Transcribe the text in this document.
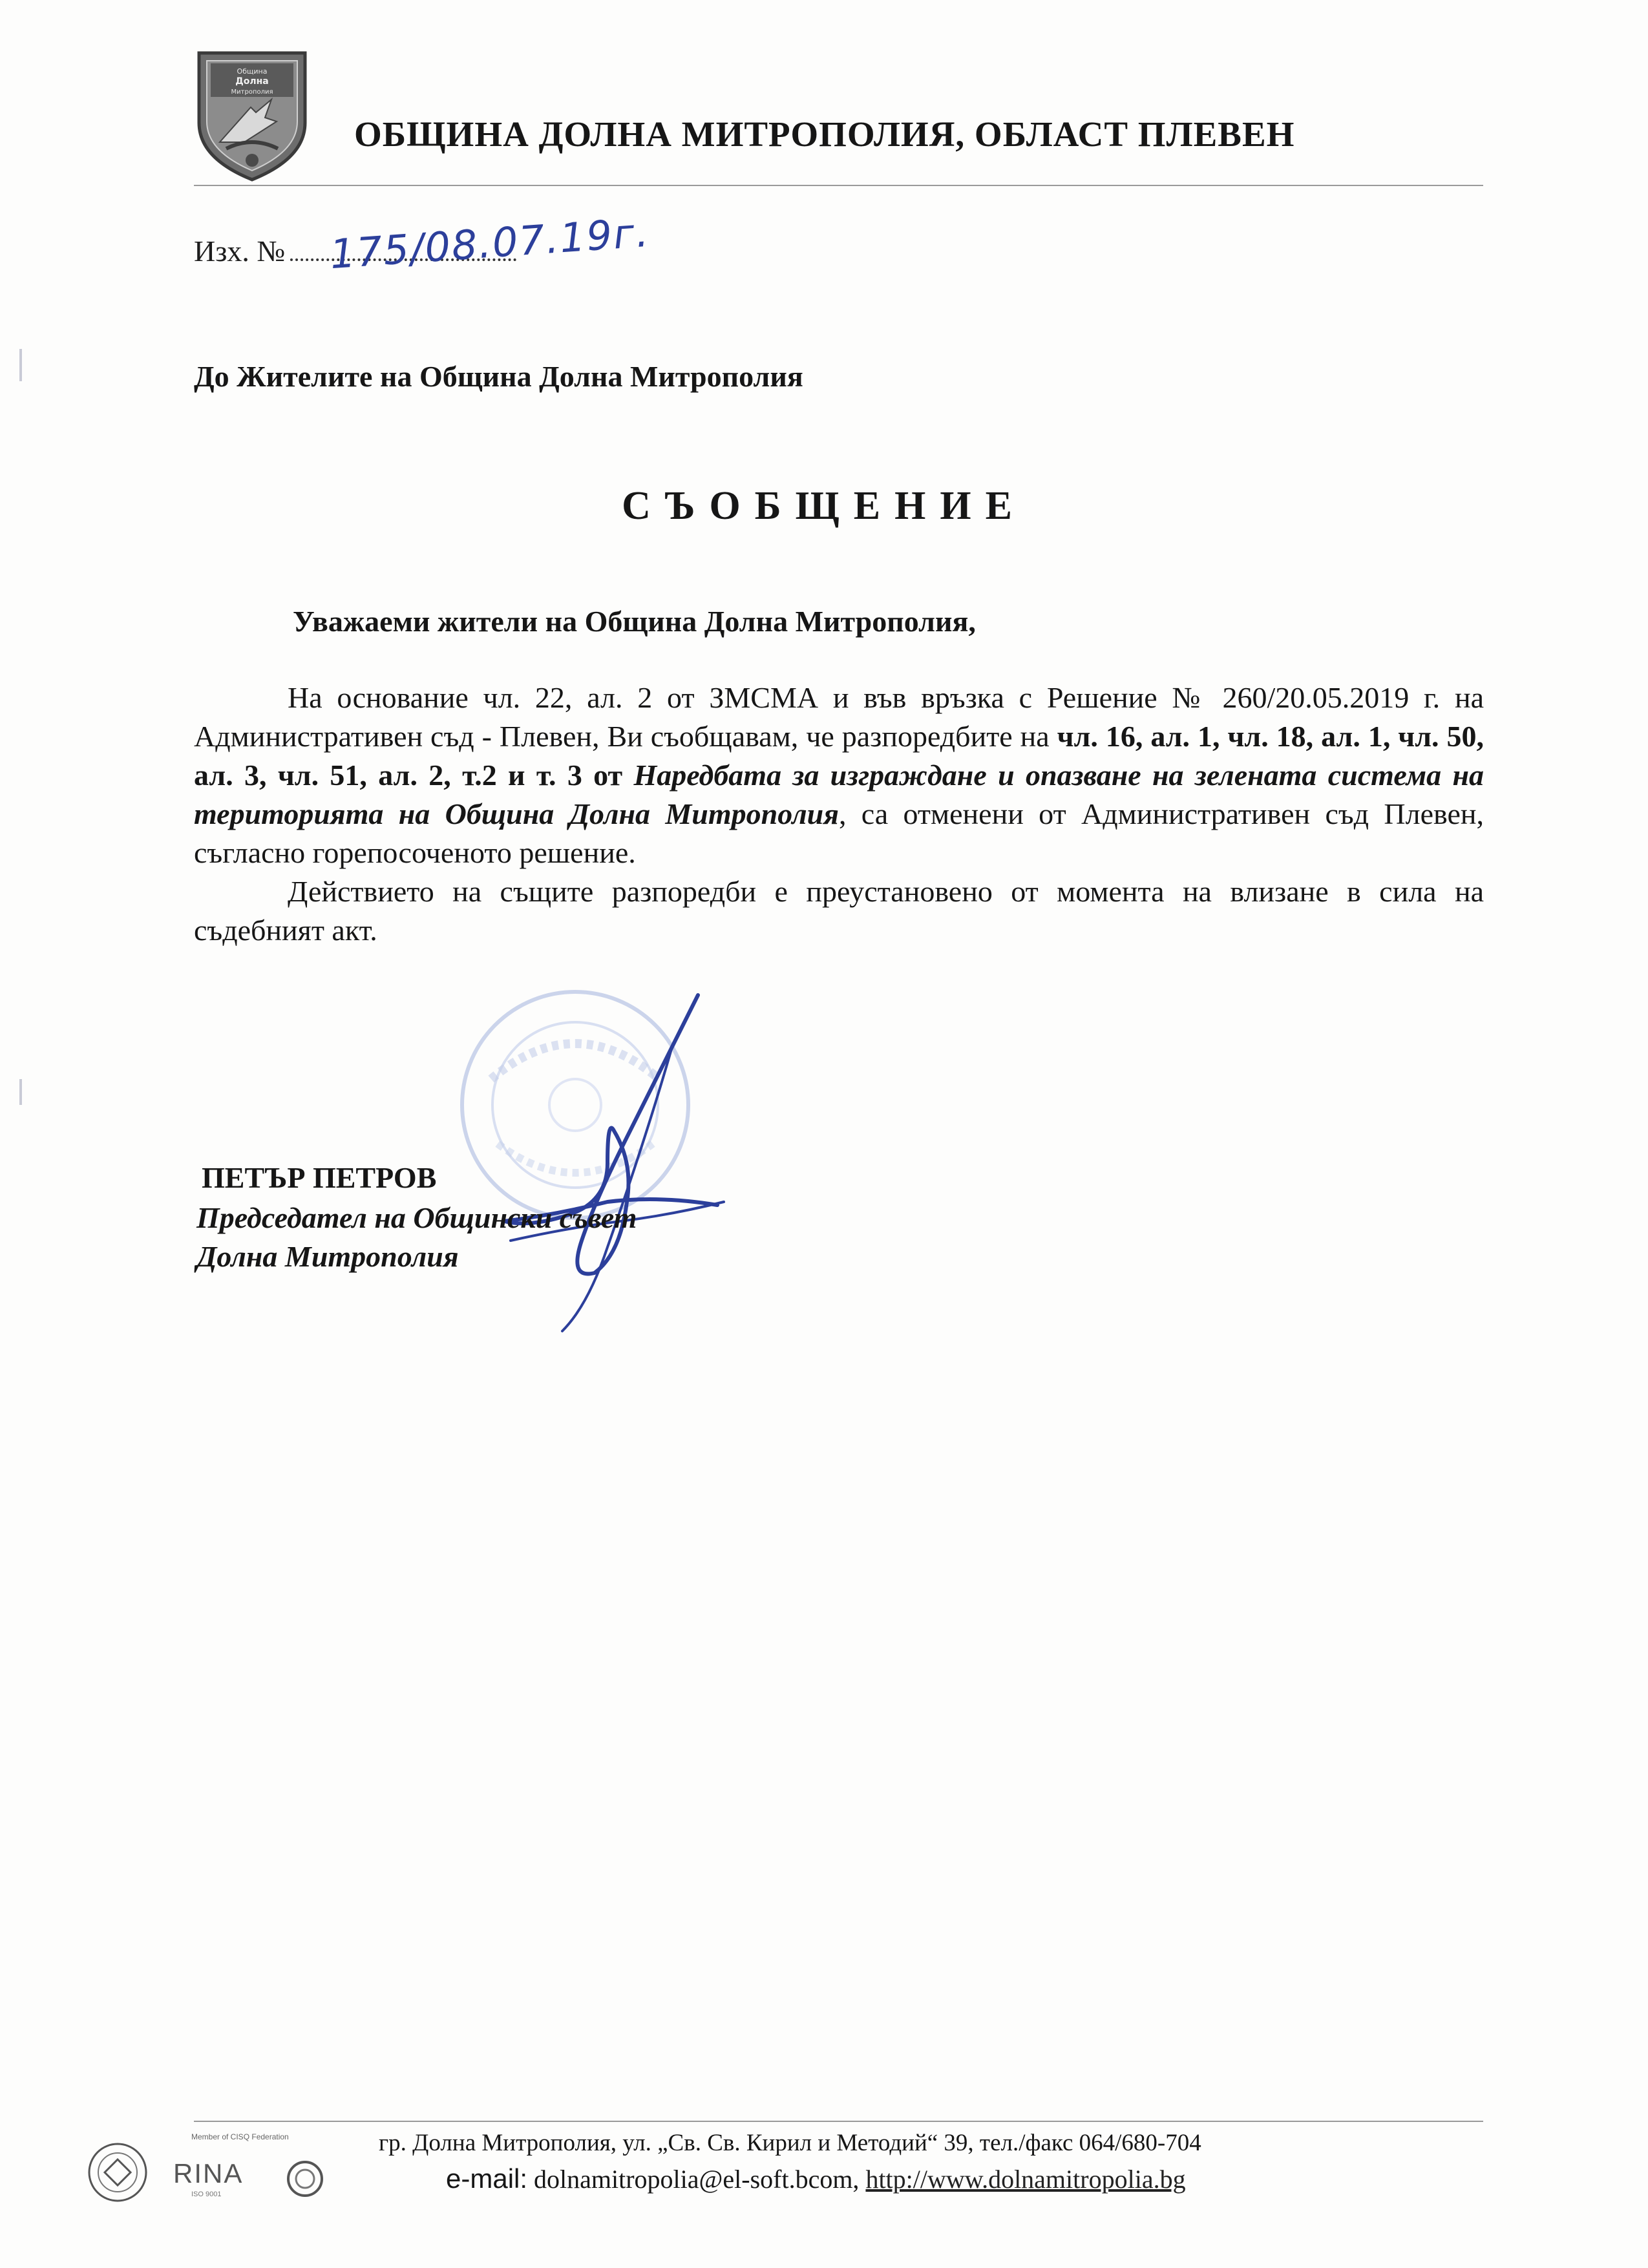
Община
Долна
Митрополия
ОБЩИНА ДОЛНА МИТРОПОЛИЯ, ОБЛАСТ ПЛЕВЕН
Изх. №	175/08.07.19г.
До Жителите на Община Долна Митрополия
СЪОБЩЕНИЕ
Уважаеми жители на Община Долна Митрополия,

На основание чл. 22, ал. 2 от ЗМСМА и във връзка с Решение № 260/20.05.2019 г. на Административен съд - Плевен, Ви съобщавам, че разпоредбите на чл. 16, ал. 1, чл. 18, ал. 1, чл. 50, ал. 3, чл. 51, ал. 2, т.2 и т. 3 от Наредбата за изграждане и опазване на зелената система на територията на Община Долна Митрополия, са отменени от Административен съд Плевен, съгласно горепосоченото решение.

Действието на същите разпоредби е преустановено от момента на влизане в сила на съдебният акт.

ПЕТЪР ПЕТРОВ
Председател на Общински съвет
Долна Митрополия
Member of CISQ Federation
RINA
ISO 9001
гр. Долна Митрополия, ул. „Св. Св. Кирил и Методий“ 39, тел./факс 064/680-704
e-mail: dolnamitropolia@el-soft.bcom, http://www.dolnamitropolia.bg
